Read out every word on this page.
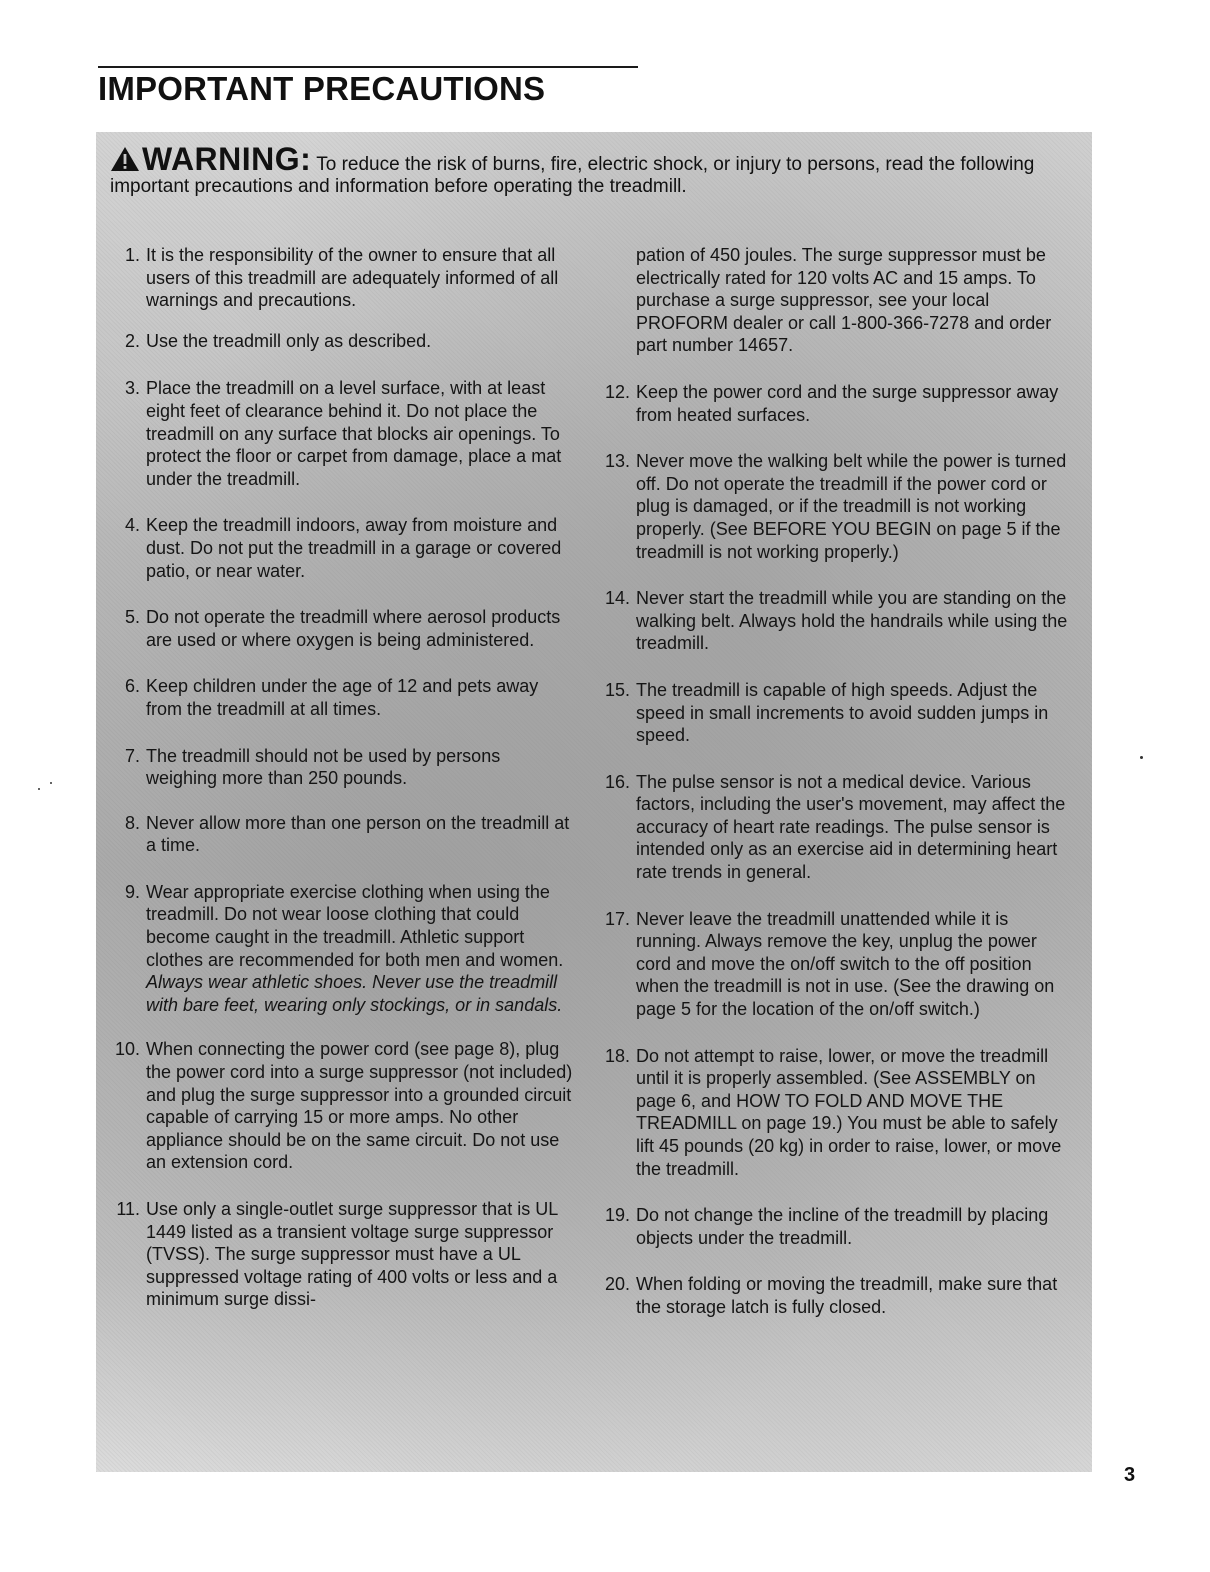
IMPORTANT PRECAUTIONS
WARNING: To reduce the risk of burns, fire, electric shock, or injury to persons, read the following important precautions and information before operating the treadmill.

1. It is the responsibility of the owner to ensure that all users of this treadmill are adequately informed of all warnings and precautions.

2. Use the treadmill only as described.

3. Place the treadmill on a level surface, with at least eight feet of clearance behind it. Do not place the treadmill on any surface that blocks air openings. To protect the floor or carpet from damage, place a mat under the treadmill.

4. Keep the treadmill indoors, away from moisture and dust. Do not put the treadmill in a garage or covered patio, or near water.

5. Do not operate the treadmill where aerosol products are used or where oxygen is being administered.

6. Keep children under the age of 12 and pets away from the treadmill at all times.

7. The treadmill should not be used by persons weighing more than 250 pounds.

8. Never allow more than one person on the treadmill at a time.

9. Wear appropriate exercise clothing when using the treadmill. Do not wear loose clothing that could become caught in the treadmill. Athletic support clothes are recommended for both men and women. Always wear athletic shoes. Never use the treadmill with bare feet, wearing only stockings, or in sandals.

10. When connecting the power cord (see page 8), plug the power cord into a surge suppressor (not included) and plug the surge suppressor into a grounded circuit capable of carrying 15 or more amps. No other appliance should be on the same circuit. Do not use an extension cord.

11. Use only a single-outlet surge suppressor that is UL 1449 listed as a transient voltage surge suppressor (TVSS). The surge suppressor must have a UL suppressed voltage rating of 400 volts or less and a minimum surge dissi-

pation of 450 joules. The surge suppressor must be electrically rated for 120 volts AC and 15 amps. To purchase a surge suppressor, see your local PROFORM dealer or call 1-800-366-7278 and order part number 14657.

12. Keep the power cord and the surge suppressor away from heated surfaces.

13. Never move the walking belt while the power is turned off. Do not operate the treadmill if the power cord or plug is damaged, or if the treadmill is not working properly. (See BEFORE YOU BEGIN on page 5 if the treadmill is not working properly.)

14. Never start the treadmill while you are standing on the walking belt. Always hold the handrails while using the treadmill.

15. The treadmill is capable of high speeds. Adjust the speed in small increments to avoid sudden jumps in speed.

16. The pulse sensor is not a medical device. Various factors, including the user's movement, may affect the accuracy of heart rate readings. The pulse sensor is intended only as an exercise aid in determining heart rate trends in general.

17. Never leave the treadmill unattended while it is running. Always remove the key, unplug the power cord and move the on/off switch to the off position when the treadmill is not in use. (See the drawing on page 5 for the location of the on/off switch.)

18. Do not attempt to raise, lower, or move the treadmill until it is properly assembled. (See ASSEMBLY on page 6, and HOW TO FOLD AND MOVE THE TREADMILL on page 19.) You must be able to safely lift 45 pounds (20 kg) in order to raise, lower, or move the treadmill.

19. Do not change the incline of the treadmill by placing objects under the treadmill.

20. When folding or moving the treadmill, make sure that the storage latch is fully closed.

3
